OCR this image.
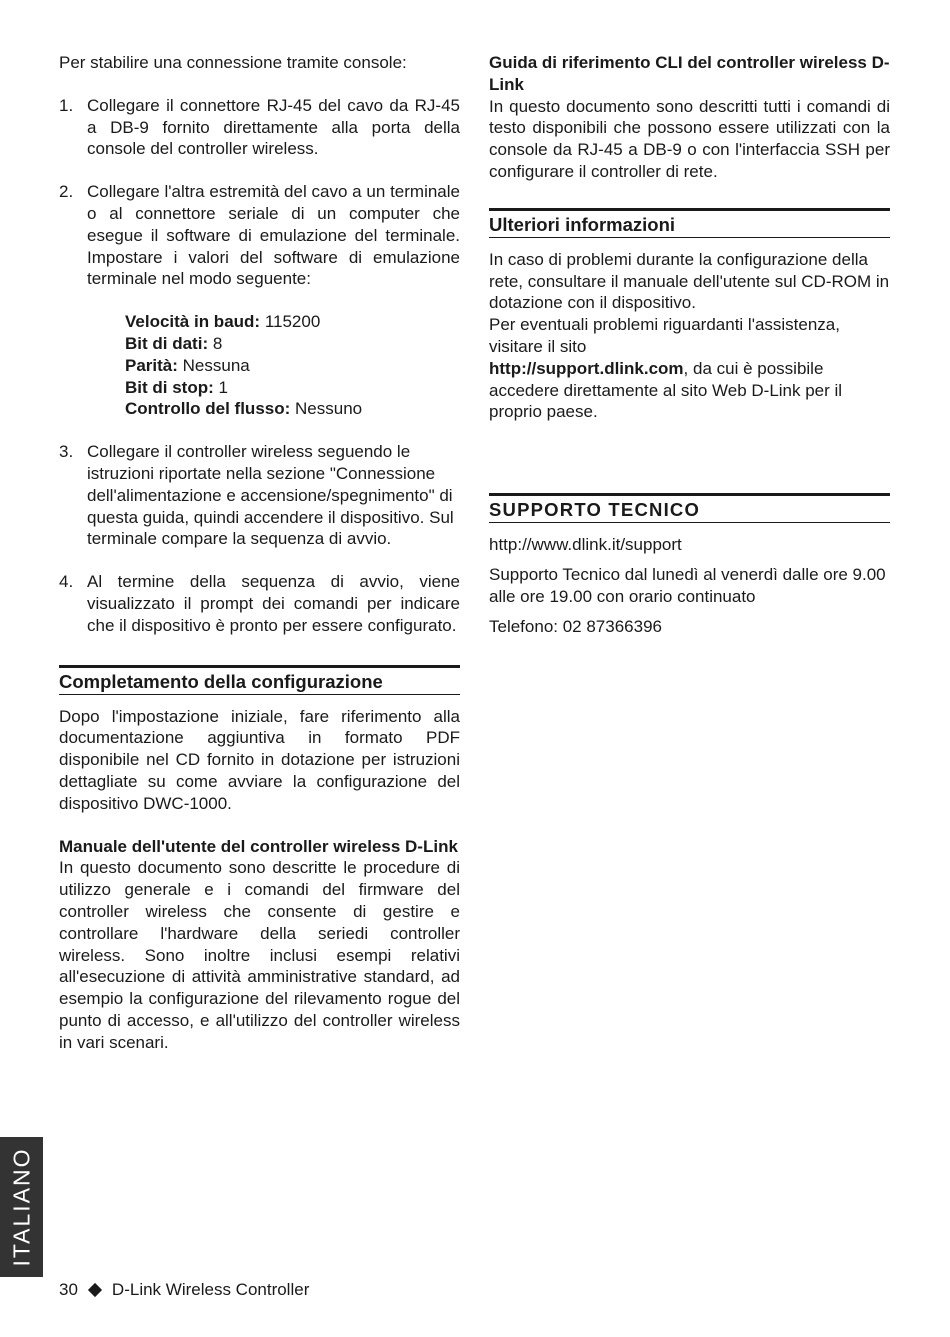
Per stabilire una connessione tramite console:

1. Collegare il connettore RJ-45 del cavo da RJ-45 a DB-9 fornito direttamente alla porta della console del controller wireless.
2. Collegare l'altra estremità del cavo a un terminale o al connettore seriale di un computer che esegue il software di emulazione del terminale. Impostare i valori del software di emulazione terminale nel modo seguente:
Velocità in baud: 115200
Bit di dati: 8
Parità: Nessuna
Bit di stop: 1
Controllo del flusso: Nessuno
3. Collegare il controller wireless seguendo le istruzioni riportate nella sezione "Connessione dell'alimentazione e accensione/spegnimento" di questa guida, quindi accendere il dispositivo. Sul terminale compare la sequenza di avvio.
4. Al termine della sequenza di avvio, viene visualizzato il prompt dei comandi per indicare che il dispositivo è pronto per essere configurato.
Completamento della configurazione

Dopo l'impostazione iniziale, fare riferimento alla documentazione aggiuntiva in formato PDF disponibile nel CD fornito in dotazione per istruzioni dettagliate su come avviare la configurazione del dispositivo DWC-1000.

Manuale dell'utente del controller wireless D-Link

In questo documento sono descritte le procedure di utilizzo generale e i comandi del firmware del controller wireless che consente di gestire e controllare l'hardware della seriedi controller wireless. Sono inoltre inclusi esempi relativi all'esecuzione di attività amministrative standard, ad esempio la configurazione del rilevamento rogue del punto di accesso, e all'utilizzo del controller wireless in vari scenari.

Guida di riferimento CLI del controller wireless D-Link

In questo documento sono descritti tutti i comandi di testo disponibili che possono essere utilizzati con la console da RJ-45 a DB-9 o con l'interfaccia SSH per configurare il controller di rete.

Ulteriori informazioni

In caso di problemi durante la configurazione della rete, consultare il manuale dell'utente sul CD-ROM in dotazione con il dispositivo.

Per eventuali problemi riguardanti l'assistenza, visitare il sito

http://support.dlink.com, da cui è possibile accedere direttamente al sito Web D-Link per il proprio paese.

SUPPORTO TECNICO

http://www.dlink.it/support

Supporto Tecnico dal lunedì al venerdì dalle ore 9.00 alle ore 19.00 con orario continuato

Telefono: 02 87366396

ITALIANO
30 D-Link Wireless Controller
